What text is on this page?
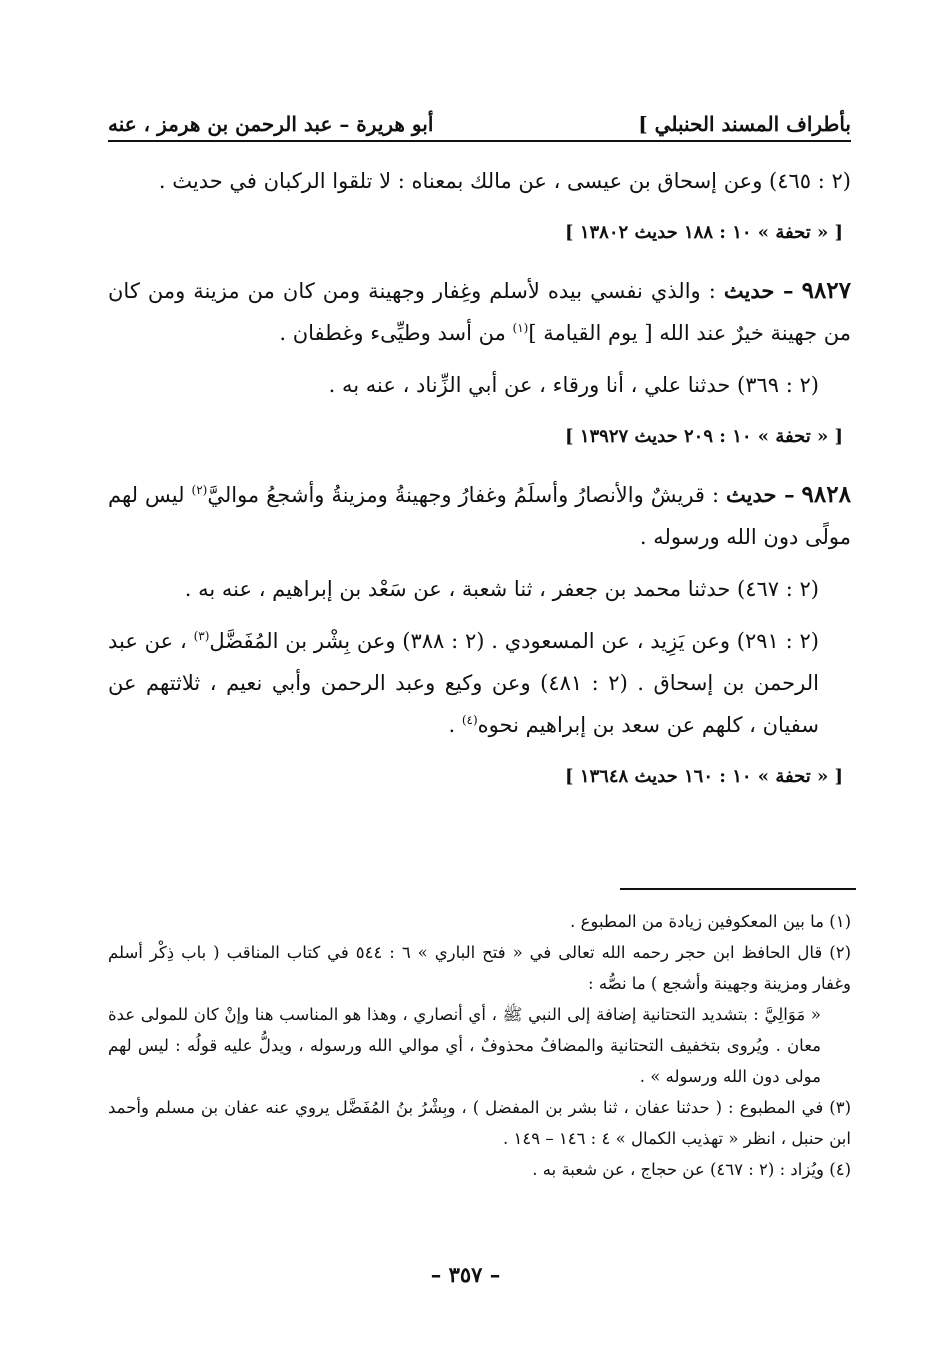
بأطراف المسند الحنبلي ]
أبو هريرة – عبد الرحمن بن هرمز ، عنه

(٢ : ٤٦٥) وعن إسحاق بن عيسى ، عن مالك بمعناه : لا تلقوا الركبان في حديث .

[ « تحفة » ١٠ : ١٨٨ حديث ١٣٨٠٢ ]

٩٨٢٧ – حديث : والذي نفسي بيده لأسلم وغِفار وجهينة ومن كان من مزينة ومن كان من جهينة خيرٌ عند الله [ يوم القيامة ]$^{(١)}$ من أسد وطيِّىء وغطفان .

(٢ : ٣٦٩) حدثنا علي ، أنا ورقاء ، عن أبي الزِّناد ، عنه به .

[ « تحفة » ١٠ : ٢٠٩ حديث ١٣٩٢٧ ]

٩٨٢٨ – حديث : قريشٌ والأنصارُ وأسلَمُ وغفارُ وجهينةُ ومزينةُ وأشجعُ مواليَّ$^{(٢)}$ ليس لهم مولًى دون الله ورسوله .

(٢ : ٤٦٧) حدثنا محمد بن جعفر ، ثنا شعبة ، عن سَعْد بن إبراهيم ، عنه به .

(٢ : ٢٩١) وعن يَزِيد ، عن المسعودي . (٢ : ٣٨٨) وعن بِشْر بن المُفَضَّل$^{(٣)}$ ، عن عبد الرحمن بن إسحاق . (٢ : ٤٨١) وعن وكيع وعبد الرحمن وأبي نعيم ، ثلاثتهم عن سفيان ، كلهم عن سعد بن إبراهيم نحوه$^{(٤)}$ .

[ « تحفة » ١٠ : ١٦٠ حديث ١٣٦٤٨ ]

(١) ما بين المعكوفين زيادة من المطبوع .

(٢) قال الحافظ ابن حجر رحمه الله تعالى في « فتح الباري » ٦ : ٥٤٤ في كتاب المناقب ( باب ذِكْر أسلم وغفار ومزينة وجهينة وأشجع ) ما نصُّه :

« مَوَالِيَّ : بتشديد التحتانية إضافة إلى النبي ﷺ ، أي أنصاري ، وهذا هو المناسب هنا وإنْ كان للمولى عدة معان . ويُروى بتخفيف التحتانية والمضافُ محذوفٌ ، أي موالي الله ورسوله ، ويدلُّ عليه قولُه : ليس لهم مولى دون الله ورسوله » .

(٣) في المطبوع : ( حدثنا عفان ، ثنا بشر بن المفضل ) ، وبِشْرُ بنُ المُفَضَّل يروي عنه عفان بن مسلم وأحمد ابن حنبل ، انظر « تهذيب الكمال » ٤ : ١٤٦ – ١٤٩ .

(٤) ويُزاد : (٢ : ٤٦٧) عن حجاج ، عن شعبة به .

– ٣٥٧ –
